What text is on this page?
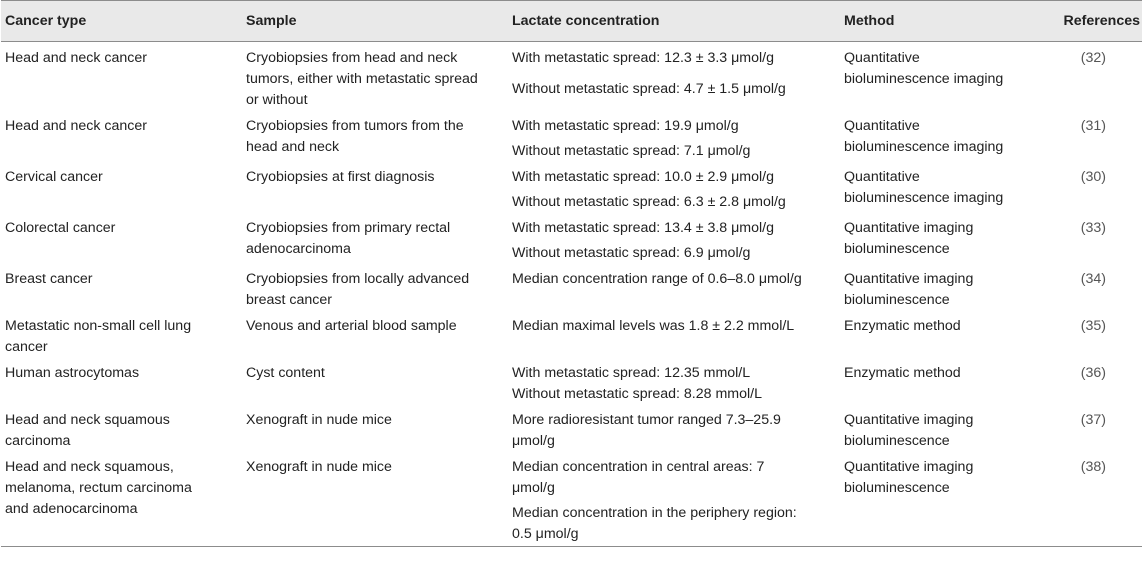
Cancer type	Sample	Lactate concentration	Method	References

Head and neck cancer	Cryobiopsies from head and neck
tumors, either with metastatic spread
or without	With metastatic spread: 12.3 ± 3.3 μmol/g
Without metastatic spread: 4.7 ± 1.5 μmol/g	Quantitative
bioluminescence imaging	(32)

Head and neck cancer	Cryobiopsies from tumors from the
head and neck	With metastatic spread: 19.9 μmol/g
Without metastatic spread: 7.1 μmol/g	Quantitative
bioluminescence imaging	(31)

Cervical cancer	Cryobiopsies at first diagnosis	With metastatic spread: 10.0 ± 2.9 μmol/g
Without metastatic spread: 6.3 ± 2.8 μmol/g	Quantitative
bioluminescence imaging	(30)

Colorectal cancer	Cryobiopsies from primary rectal
adenocarcinoma	With metastatic spread: 13.4 ± 3.8 μmol/g
Without metastatic spread: 6.9 μmol/g	Quantitative imaging
bioluminescence	(33)

Breast cancer	Cryobiopsies from locally advanced
breast cancer	Median concentration range of 0.6–8.0 μmol/g	Quantitative imaging
bioluminescence	(34)

Metastatic non-small cell lung
cancer	Venous and arterial blood sample	Median maximal levels was 1.8 ± 2.2 mmol/L	Enzymatic method	(35)

Human astrocytomas	Cyst content	With metastatic spread: 12.35 mmol/L
Without metastatic spread: 8.28 mmol/L	Enzymatic method	(36)

Head and neck squamous
carcinoma	Xenograft in nude mice	More radioresistant tumor ranged 7.3–25.9
μmol/g	Quantitative imaging
bioluminescence	(37)

Head and neck squamous,
melanoma, rectum carcinoma
and adenocarcinoma	Xenograft in nude mice	Median concentration in central areas: 7
μmol/g
Median concentration in the periphery region:
0.5 μmol/g	Quantitative imaging
bioluminescence	(38)
